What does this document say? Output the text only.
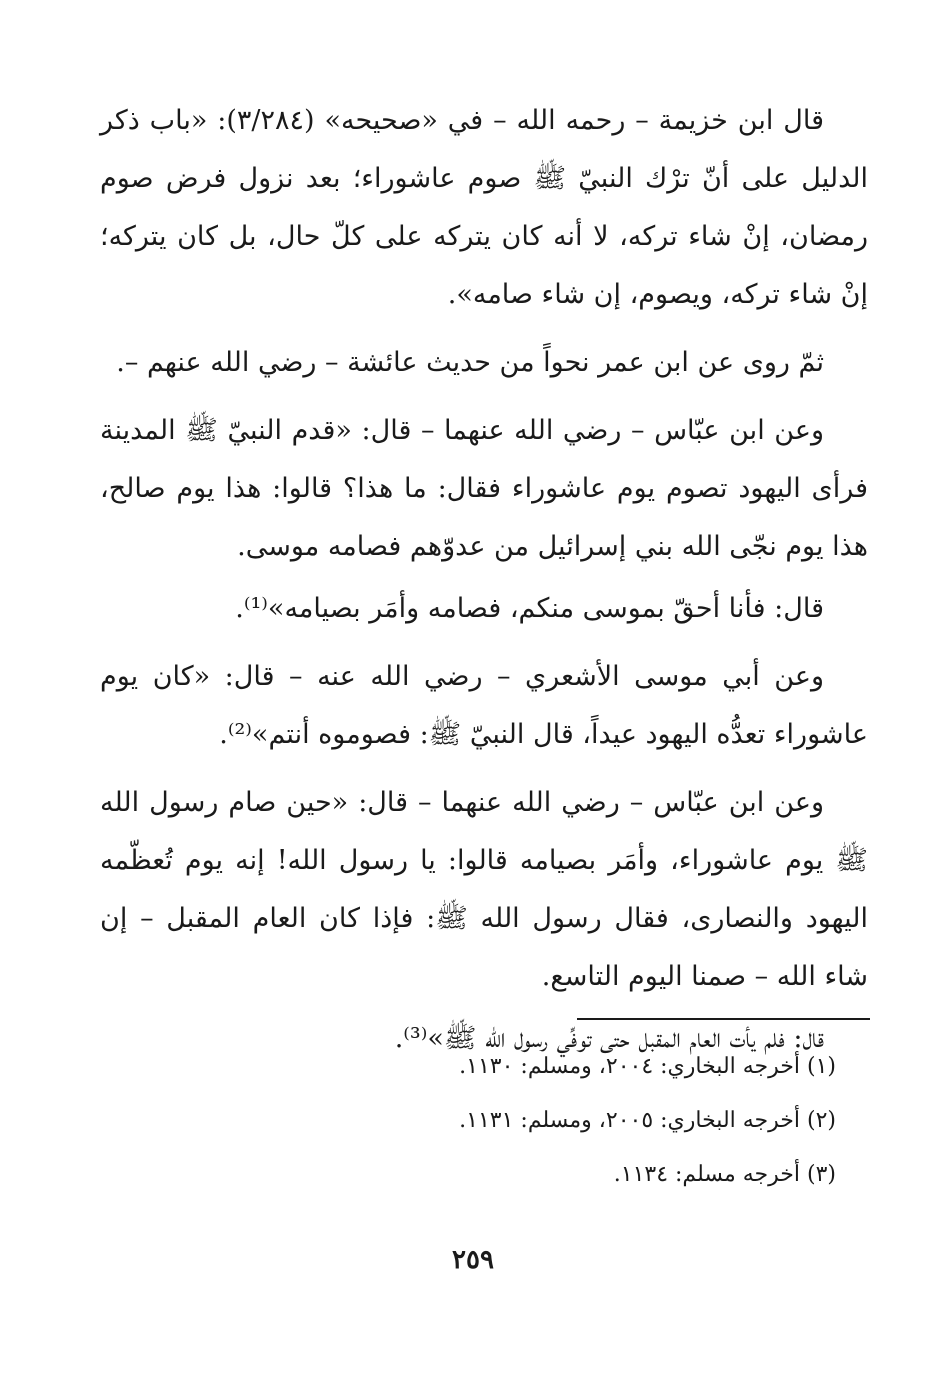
قال ابن خزيمة – رحمه الله – في «صحيحه» (٣/٢٨٤): «باب ذكر الدليل على أنّ ترْك النبيّ ﷺ صوم عاشوراء؛ بعد نزول فرض صوم رمضان، إنْ شاء تركه، لا أنه كان يتركه على كلّ حال، بل كان يتركه؛ إنْ شاء تركه، ويصوم، إن شاء صامه».

ثمّ روى عن ابن عمر نحواً من حديث عائشة – رضي الله عنهم –.

وعن ابن عبّاس – رضي الله عنهما – قال: «قدم النبيّ ﷺ المدينة فرأى اليهود تصوم يوم عاشوراء فقال: ما هذا؟ قالوا: هذا يوم صالح، هذا يوم نجّى الله بني إسرائيل من عدوّهم فصامه موسى.

قال: فأنا أحقّ بموسى منكم، فصامه وأمَر بصيامه»⁽¹⁾.

وعن أبي موسى الأشعري – رضي الله عنه – قال: «كان يوم عاشوراء تعدُّه اليهود عيداً، قال النبيّ ﷺ: فصوموه أنتم»⁽²⁾.

وعن ابن عبّاس – رضي الله عنهما – قال: «حين صام رسول الله ﷺ يوم عاشوراء، وأمَر بصيامه قالوا: يا رسول الله! إنه يوم تُعظّمه اليهود والنصارى، فقال رسول الله ﷺ: فإذا كان العام المقبل – إن شاء الله – صمنا اليوم التاسع.

قال: فلم يأت العام المقبل حتى توفِّي رسول الله ﷺ»⁽³⁾.

(١) أخرجه البخاري: ٢٠٠٤، ومسلم: ١١٣٠.

(٢) أخرجه البخاري: ٢٠٠٥، ومسلم: ١١٣١.

(٣) أخرجه مسلم: ١١٣٤.

٢٥٩
